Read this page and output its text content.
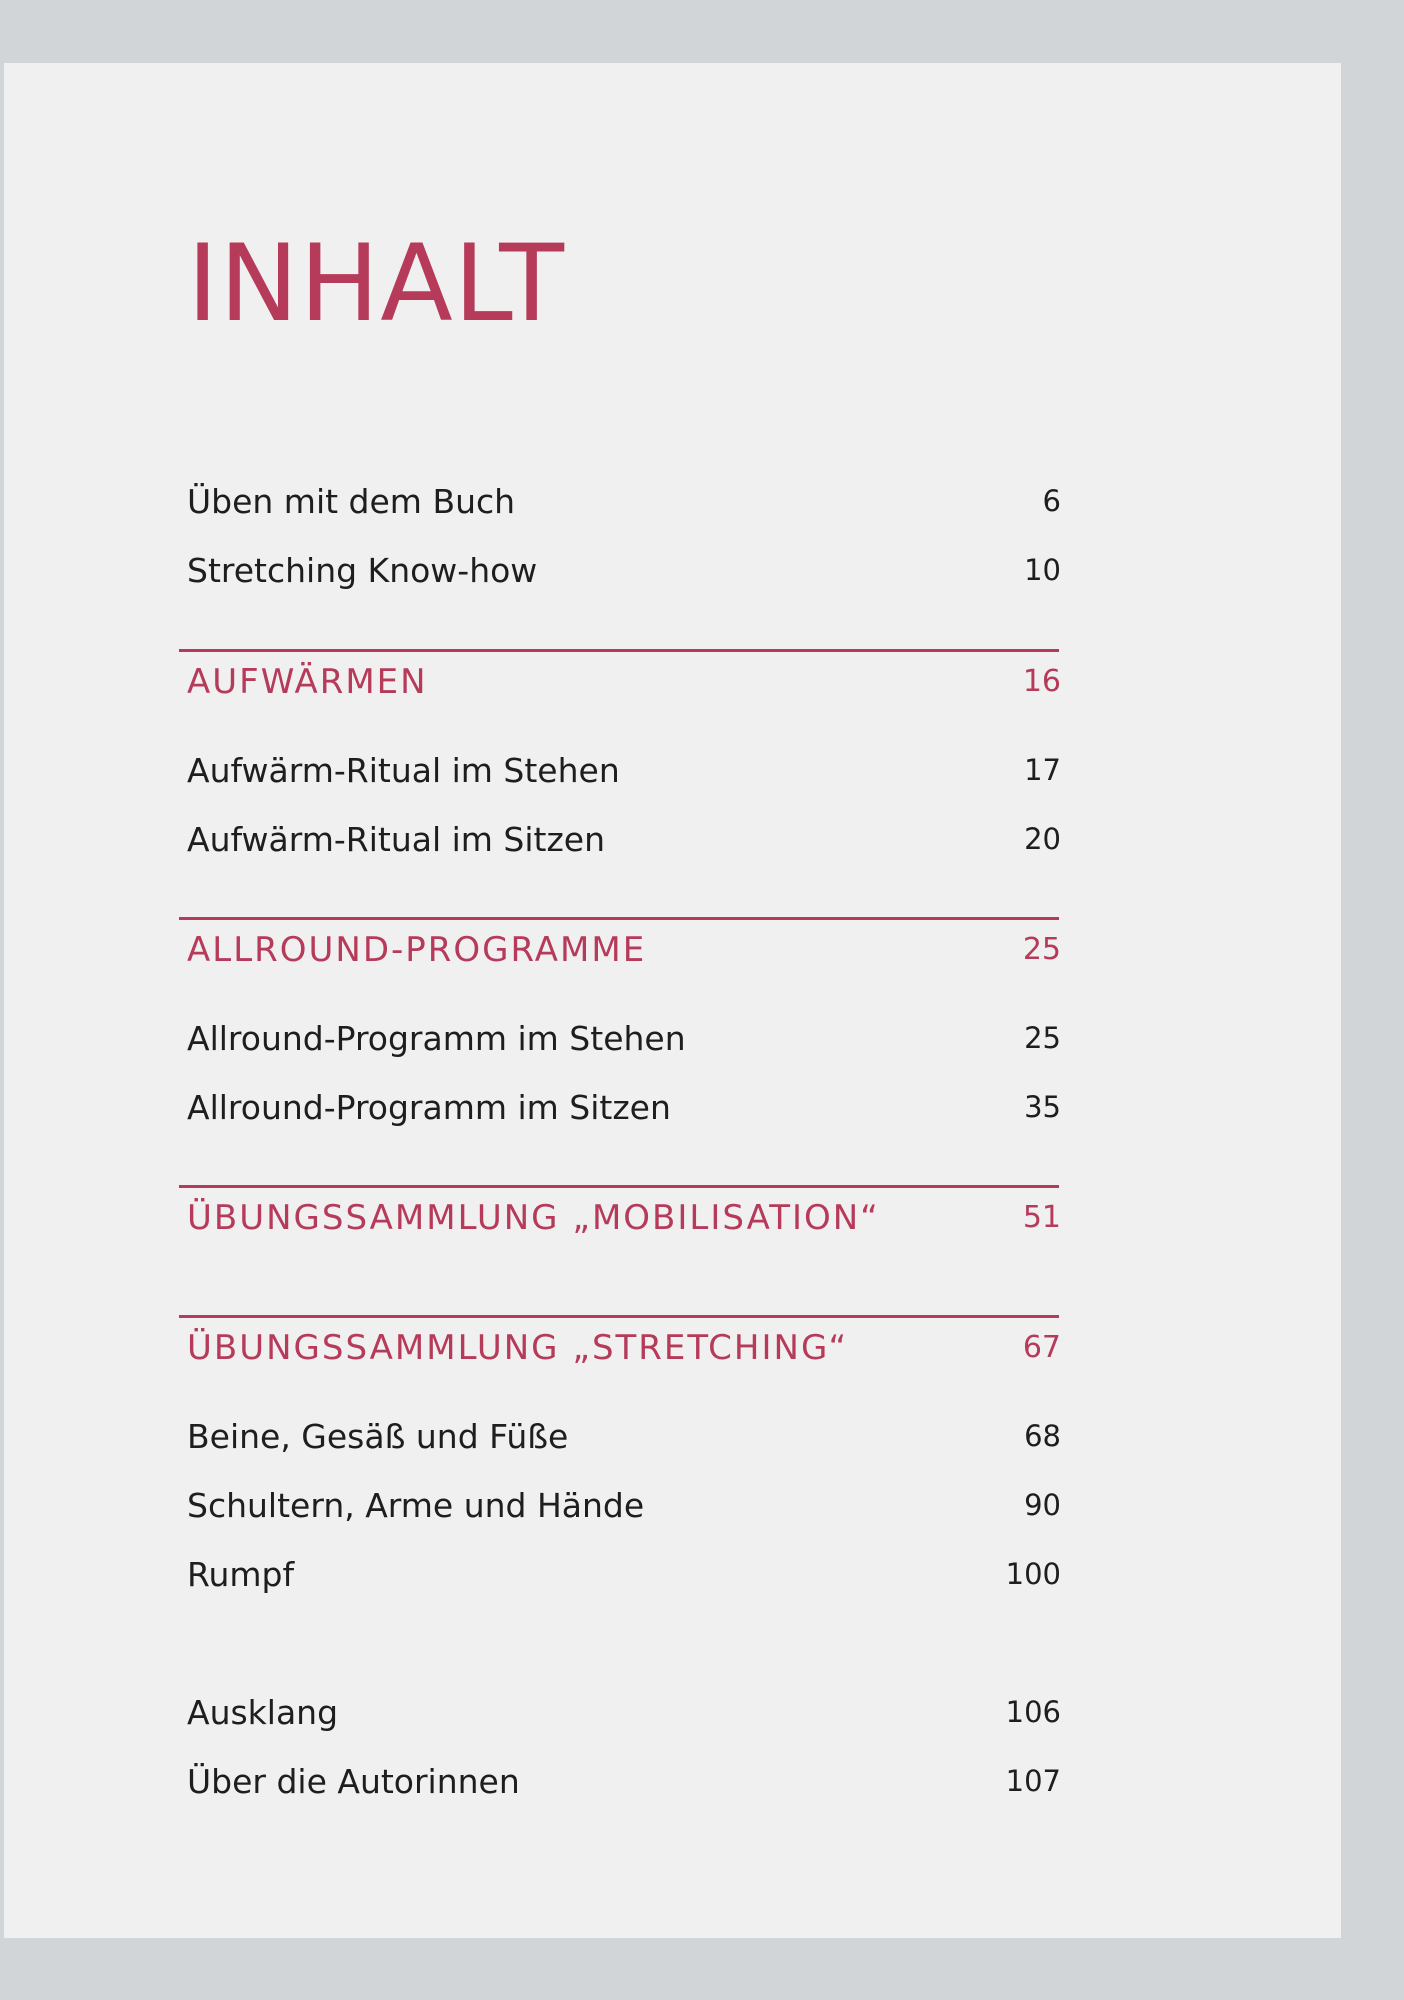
INHALT
Üben mit dem Buch	6
Stretching Know-how	10
AUFWÄRMEN	16
Aufwärm-Ritual im Stehen	17
Aufwärm-Ritual im Sitzen	20
ALLROUND-PROGRAMME	25
Allround-Programm im Stehen	25
Allround-Programm im Sitzen	35
ÜBUNGSSAMMLUNG „MOBILISATION“	51
ÜBUNGSSAMMLUNG „STRETCHING“	67
Beine, Gesäß und Füße	68
Schultern, Arme und Hände	90
Rumpf	100
Ausklang	106
Über die Autorinnen	107
